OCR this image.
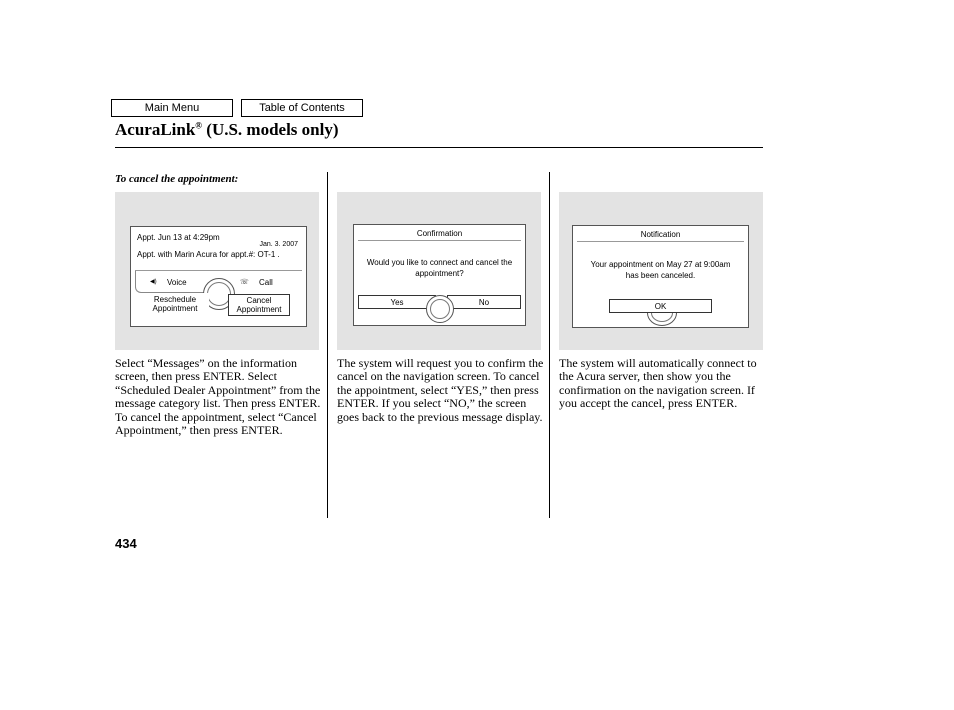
Main Menu	Table of Contents
AcuraLink® (U.S. models only)
To cancel the appointment:
Appt. Jun 13 at 4:29pm
Jan. 3. 2007
Appt. with Marin Acura for appt.#: OT-1 .
◀) Voice	☏ Call
Reschedule Appointment
Cancel Appointment
Confirmation
Would you like to connect and cancel the appointment?
Yes	No
Notification
Your appointment on May 27 at 9:00am has been canceled.
OK
Select “Messages” on the information screen, then press ENTER. Select “Scheduled Dealer Appointment” from the message category list. Then press ENTER. To cancel the appointment, select “Cancel Appointment,” then press ENTER.
The system will request you to confirm the cancel on the navigation screen. To cancel the appointment, select “YES,” then press ENTER. If you select “NO,” the screen goes back to the previous message display.
The system will automatically connect to the Acura server, then show you the confirmation on the navigation screen. If you accept the cancel, press ENTER.
434
